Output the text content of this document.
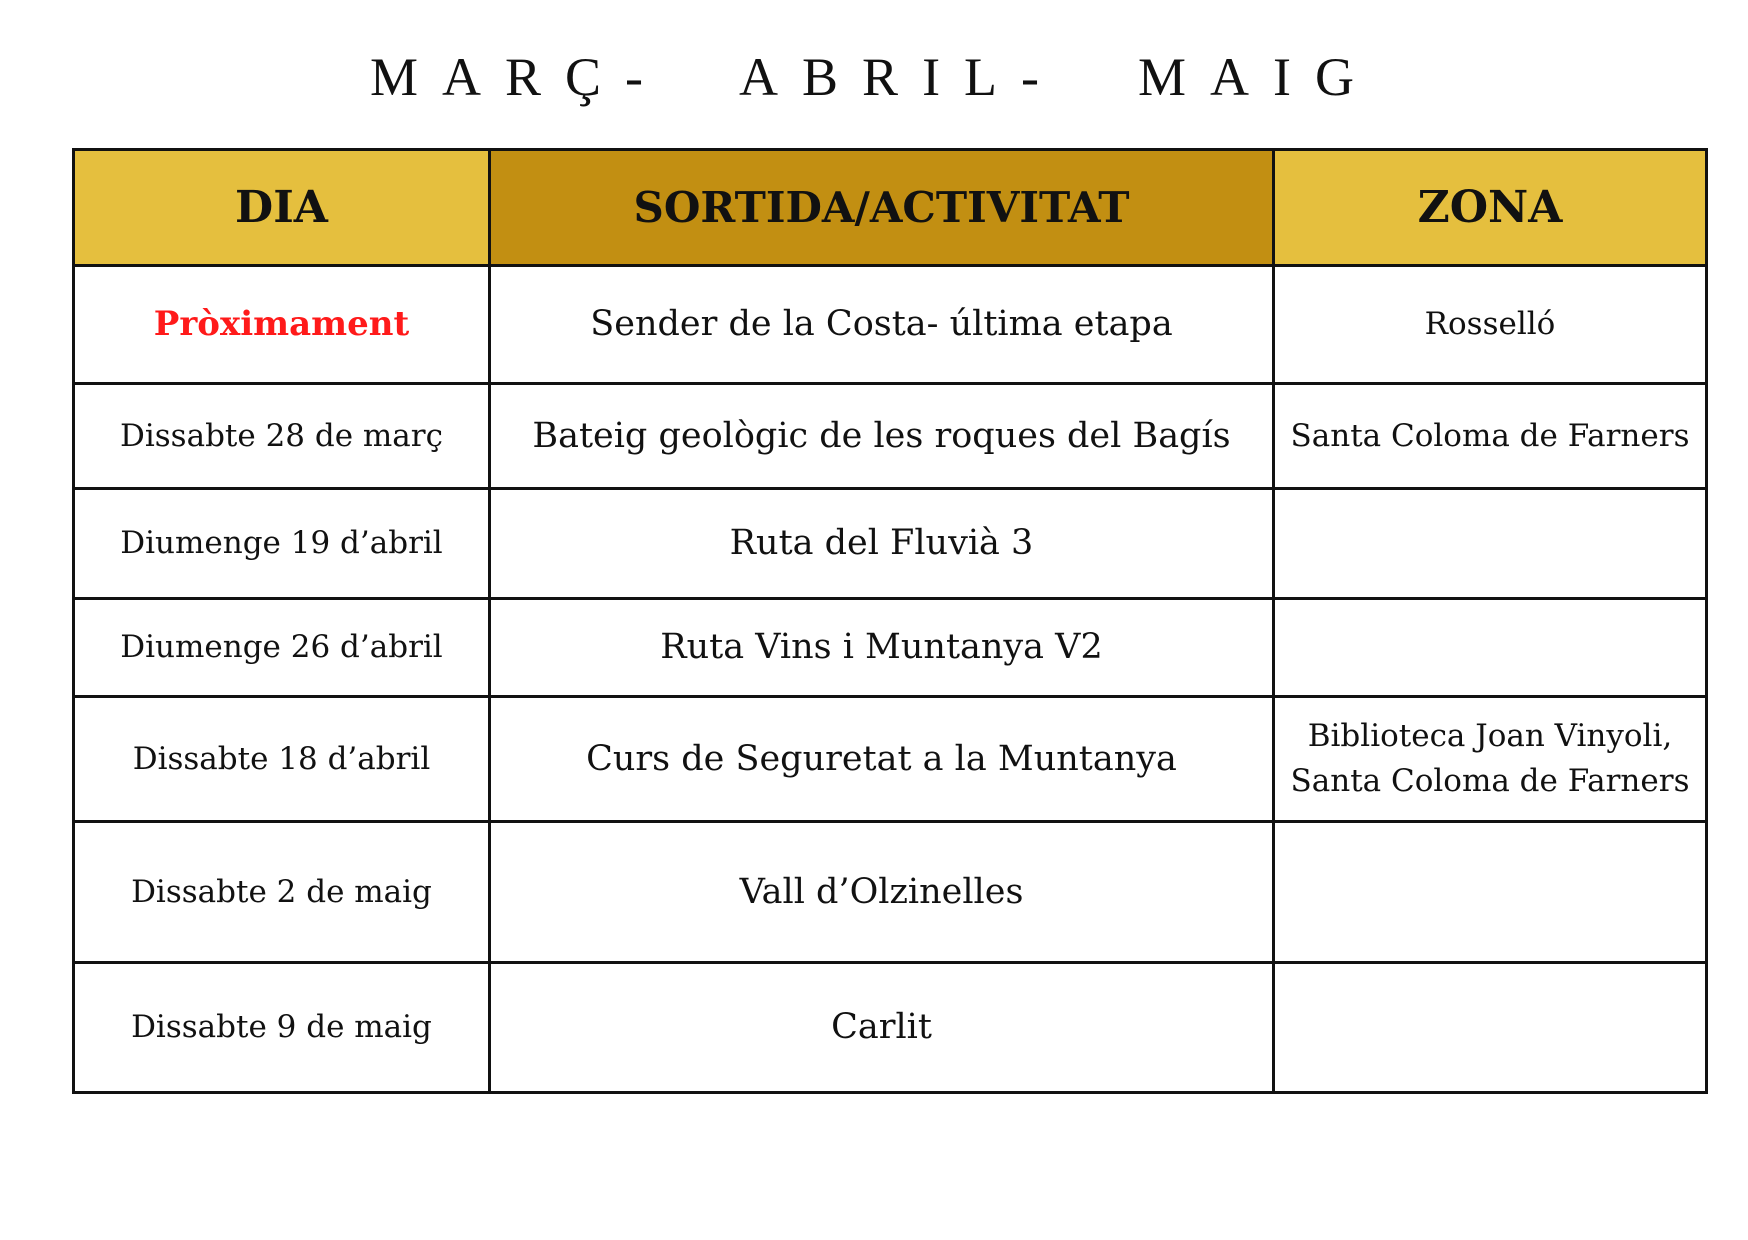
MARÇ-  ABRIL-  MAIG
DIA	SORTIDA/ACTIVITAT	ZONA
Pròximament	Sender de la Costa- última etapa	Rosselló
Dissabte 28 de març	Bateig geològic de les roques del Bagís	Santa Coloma de Farners
Diumenge 19 d’abril	Ruta del Fluvià 3	
Diumenge 26 d’abril	Ruta Vins i Muntanya V2	
Dissabte 18 d’abril	Curs de Seguretat a la Muntanya	Biblioteca Joan Vinyoli, Santa Coloma de Farners
Dissabte 2 de maig	Vall d’Olzinelles	
Dissabte 9 de maig	Carlit	
